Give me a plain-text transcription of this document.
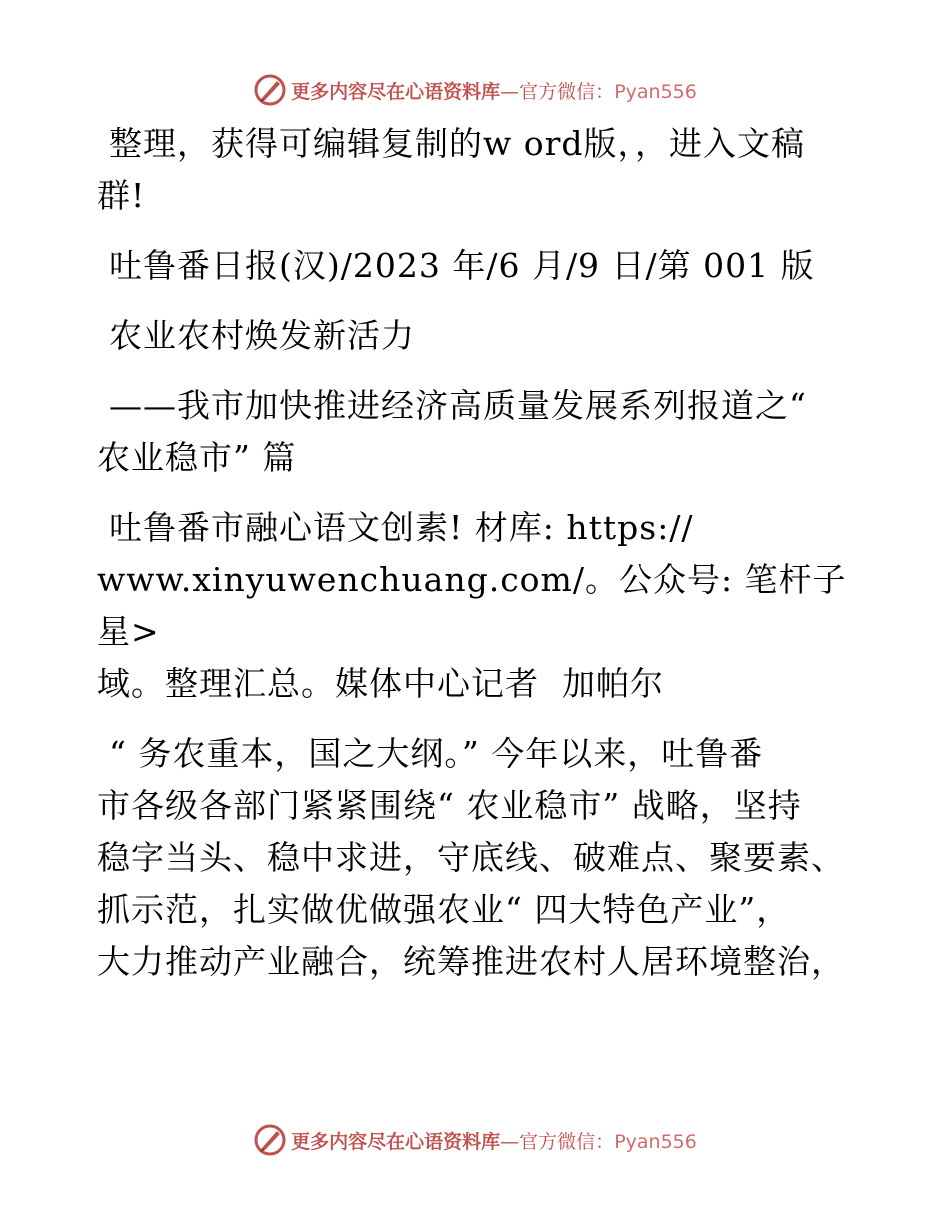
更多内容尽在心语资料库—官方微信：Pyan556

整理，获得可编辑复制的w ord版，，进入文稿

群!

吐鲁番日报(汉)/2023 年/6 月/9 日/第 001 版

农业农村焕发新活力

——我市加快推进经济高质量发展系列报道之“

农业稳市” 篇

吐鲁番市融心语文创素! 材库: https://

www.xinyuwenchuang.com/。公众号: 笔杆子星>

域。整理汇总。媒体中心记者  加帕尔

“ 务农重本，国之大纲。” 今年以来，吐鲁番

市各级各部门紧紧围绕“ 农业稳市” 战略，坚持

稳字当头、稳中求进，守底线、破难点、聚要素、

抓示范，扎实做优做强农业“ 四大特色产业”，

大力推动产业融合，统筹推进农村人居环境整治，

更多内容尽在心语资料库—官方微信：Pyan556
